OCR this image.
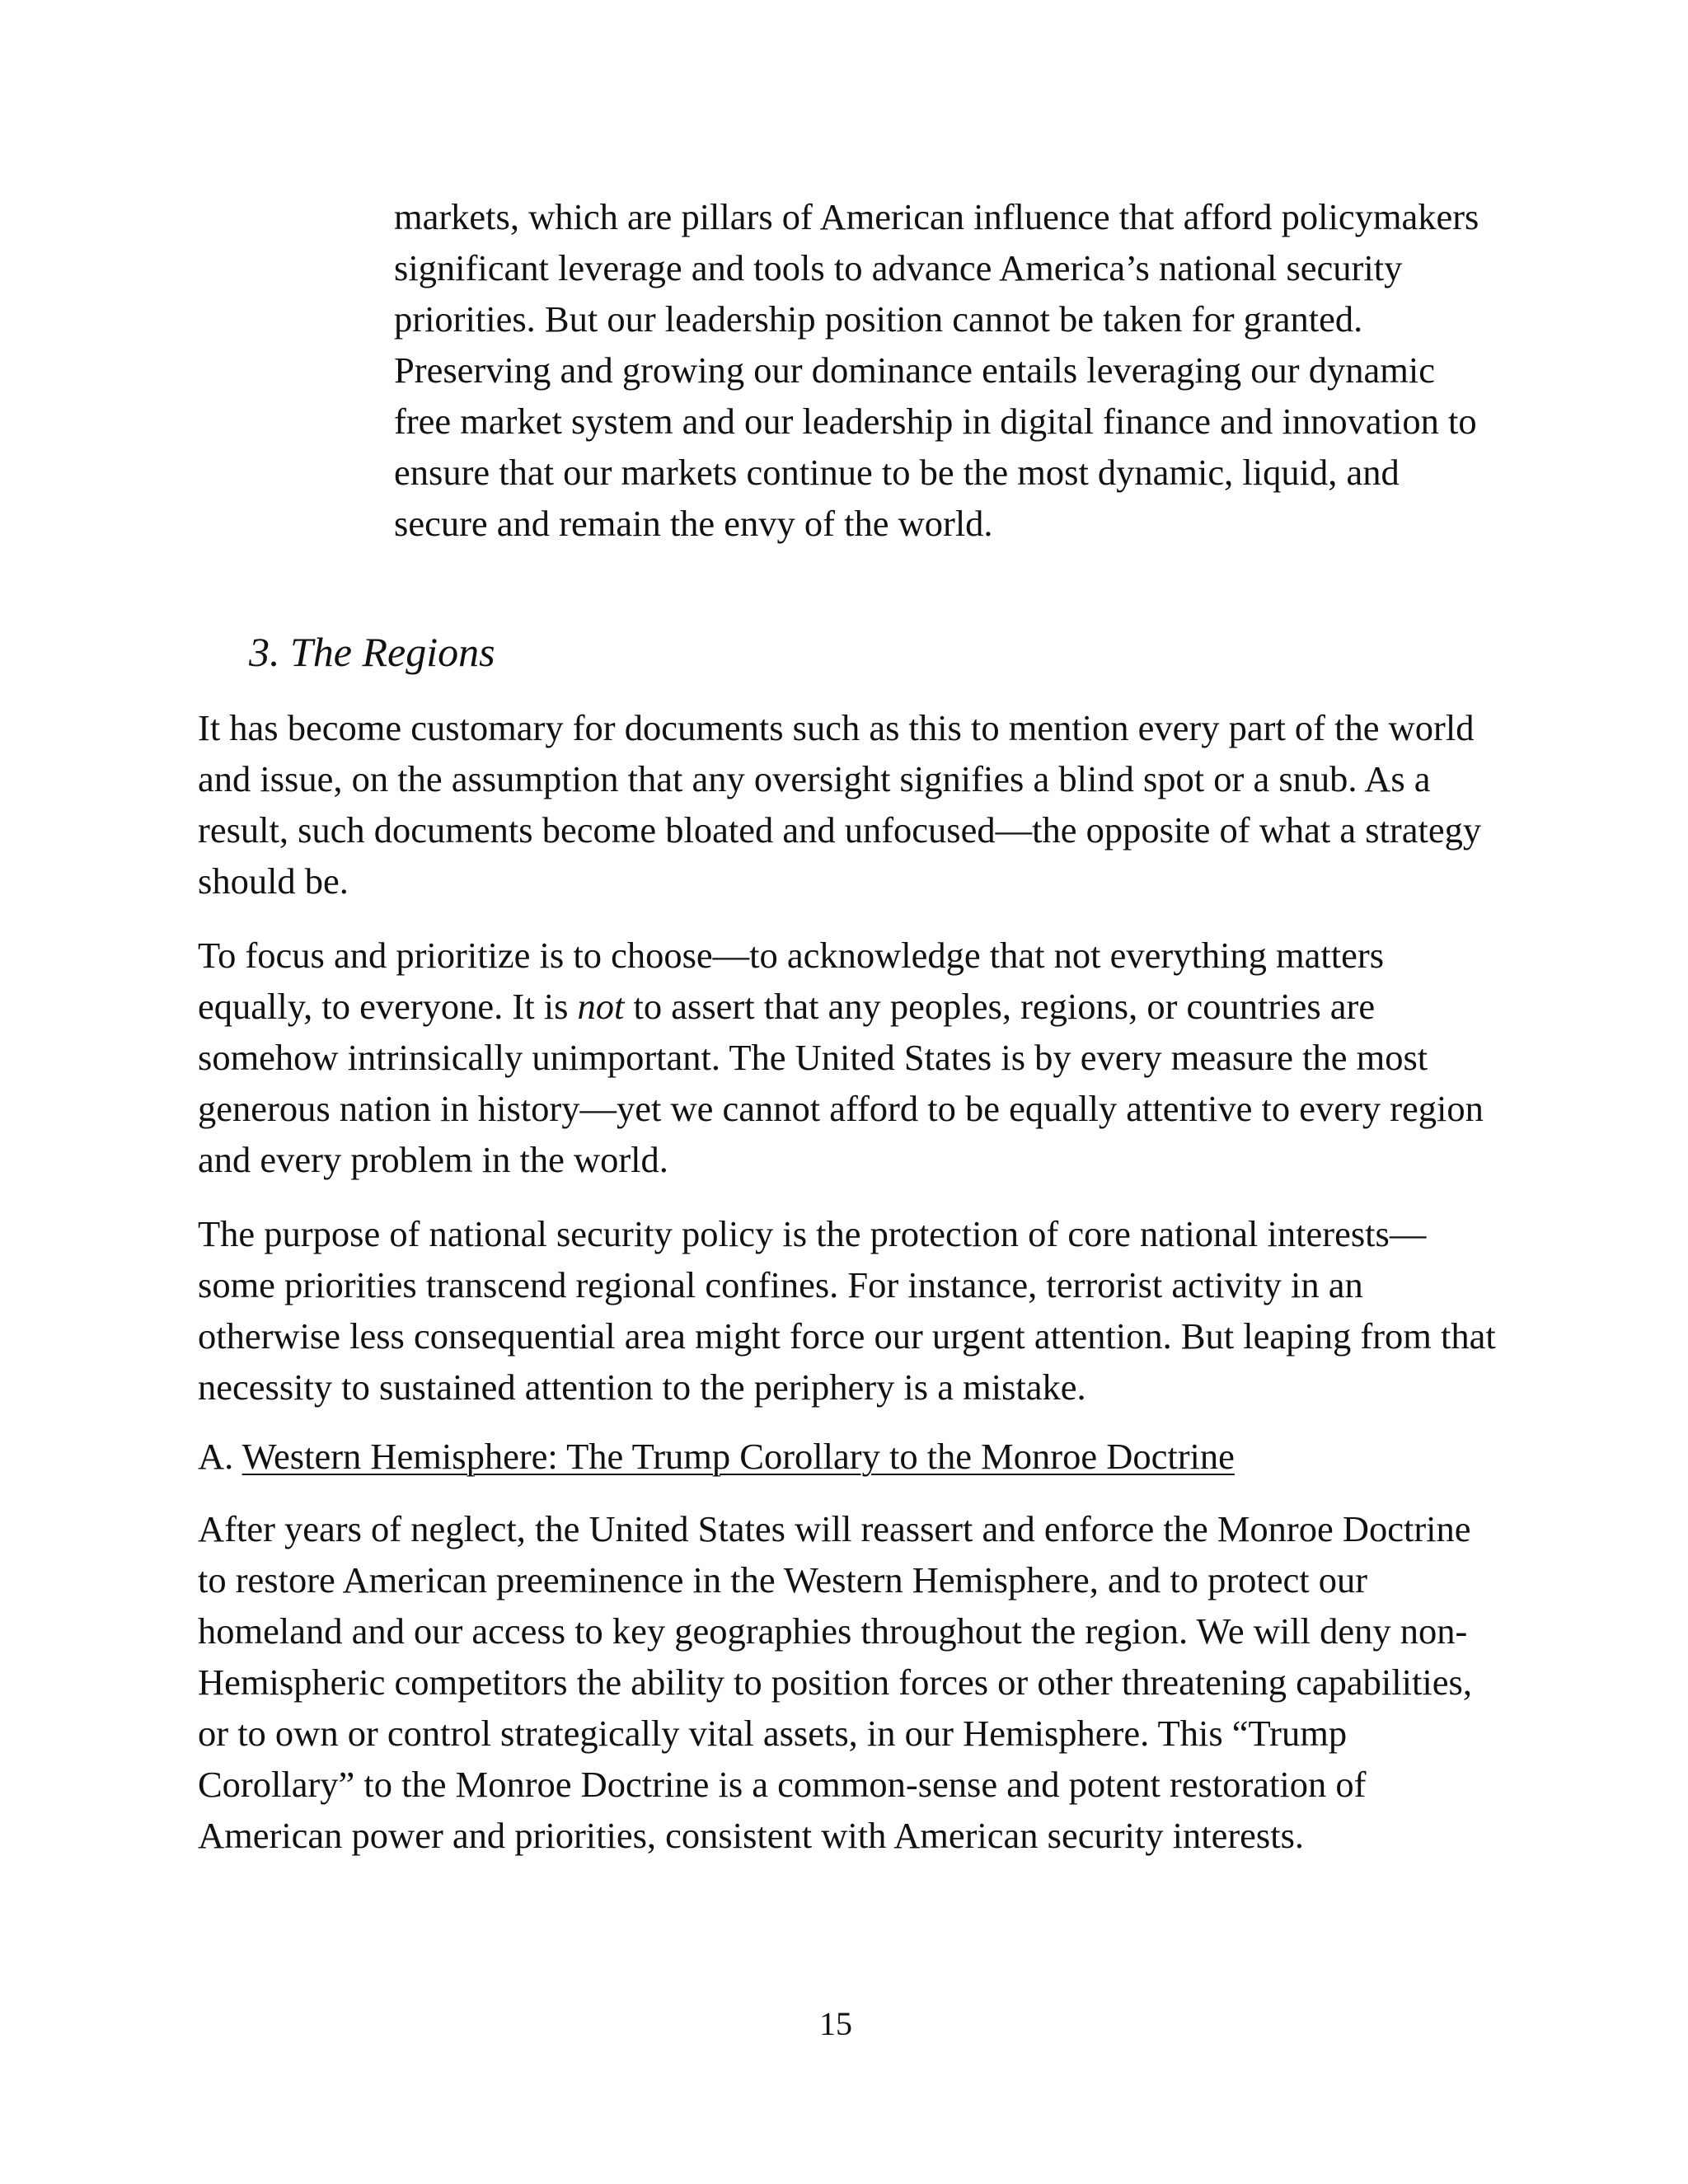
markets, which are pillars of American influence that afford policymakers significant leverage and tools to advance America’s national security priorities. But our leadership position cannot be taken for granted. Preserving and growing our dominance entails leveraging our dynamic free market system and our leadership in digital finance and innovation to ensure that our markets continue to be the most dynamic, liquid, and secure and remain the envy of the world.

3. The Regions

It has become customary for documents such as this to mention every part of the world and issue, on the assumption that any oversight signifies a blind spot or a snub. As a result, such documents become bloated and unfocused—the opposite of what a strategy should be.

To focus and prioritize is to choose—to acknowledge that not everything matters equally, to everyone. It is not to assert that any peoples, regions, or countries are somehow intrinsically unimportant. The United States is by every measure the most generous nation in history—yet we cannot afford to be equally attentive to every region and every problem in the world.

The purpose of national security policy is the protection of core national interests—some priorities transcend regional confines. For instance, terrorist activity in an otherwise less consequential area might force our urgent attention. But leaping from that necessity to sustained attention to the periphery is a mistake.

A. Western Hemisphere: The Trump Corollary to the Monroe Doctrine

After years of neglect, the United States will reassert and enforce the Monroe Doctrine to restore American preeminence in the Western Hemisphere, and to protect our homeland and our access to key geographies throughout the region. We will deny non-Hemispheric competitors the ability to position forces or other threatening capabilities, or to own or control strategically vital assets, in our Hemisphere. This “Trump Corollary” to the Monroe Doctrine is a common-sense and potent restoration of American power and priorities, consistent with American security interests.

15
